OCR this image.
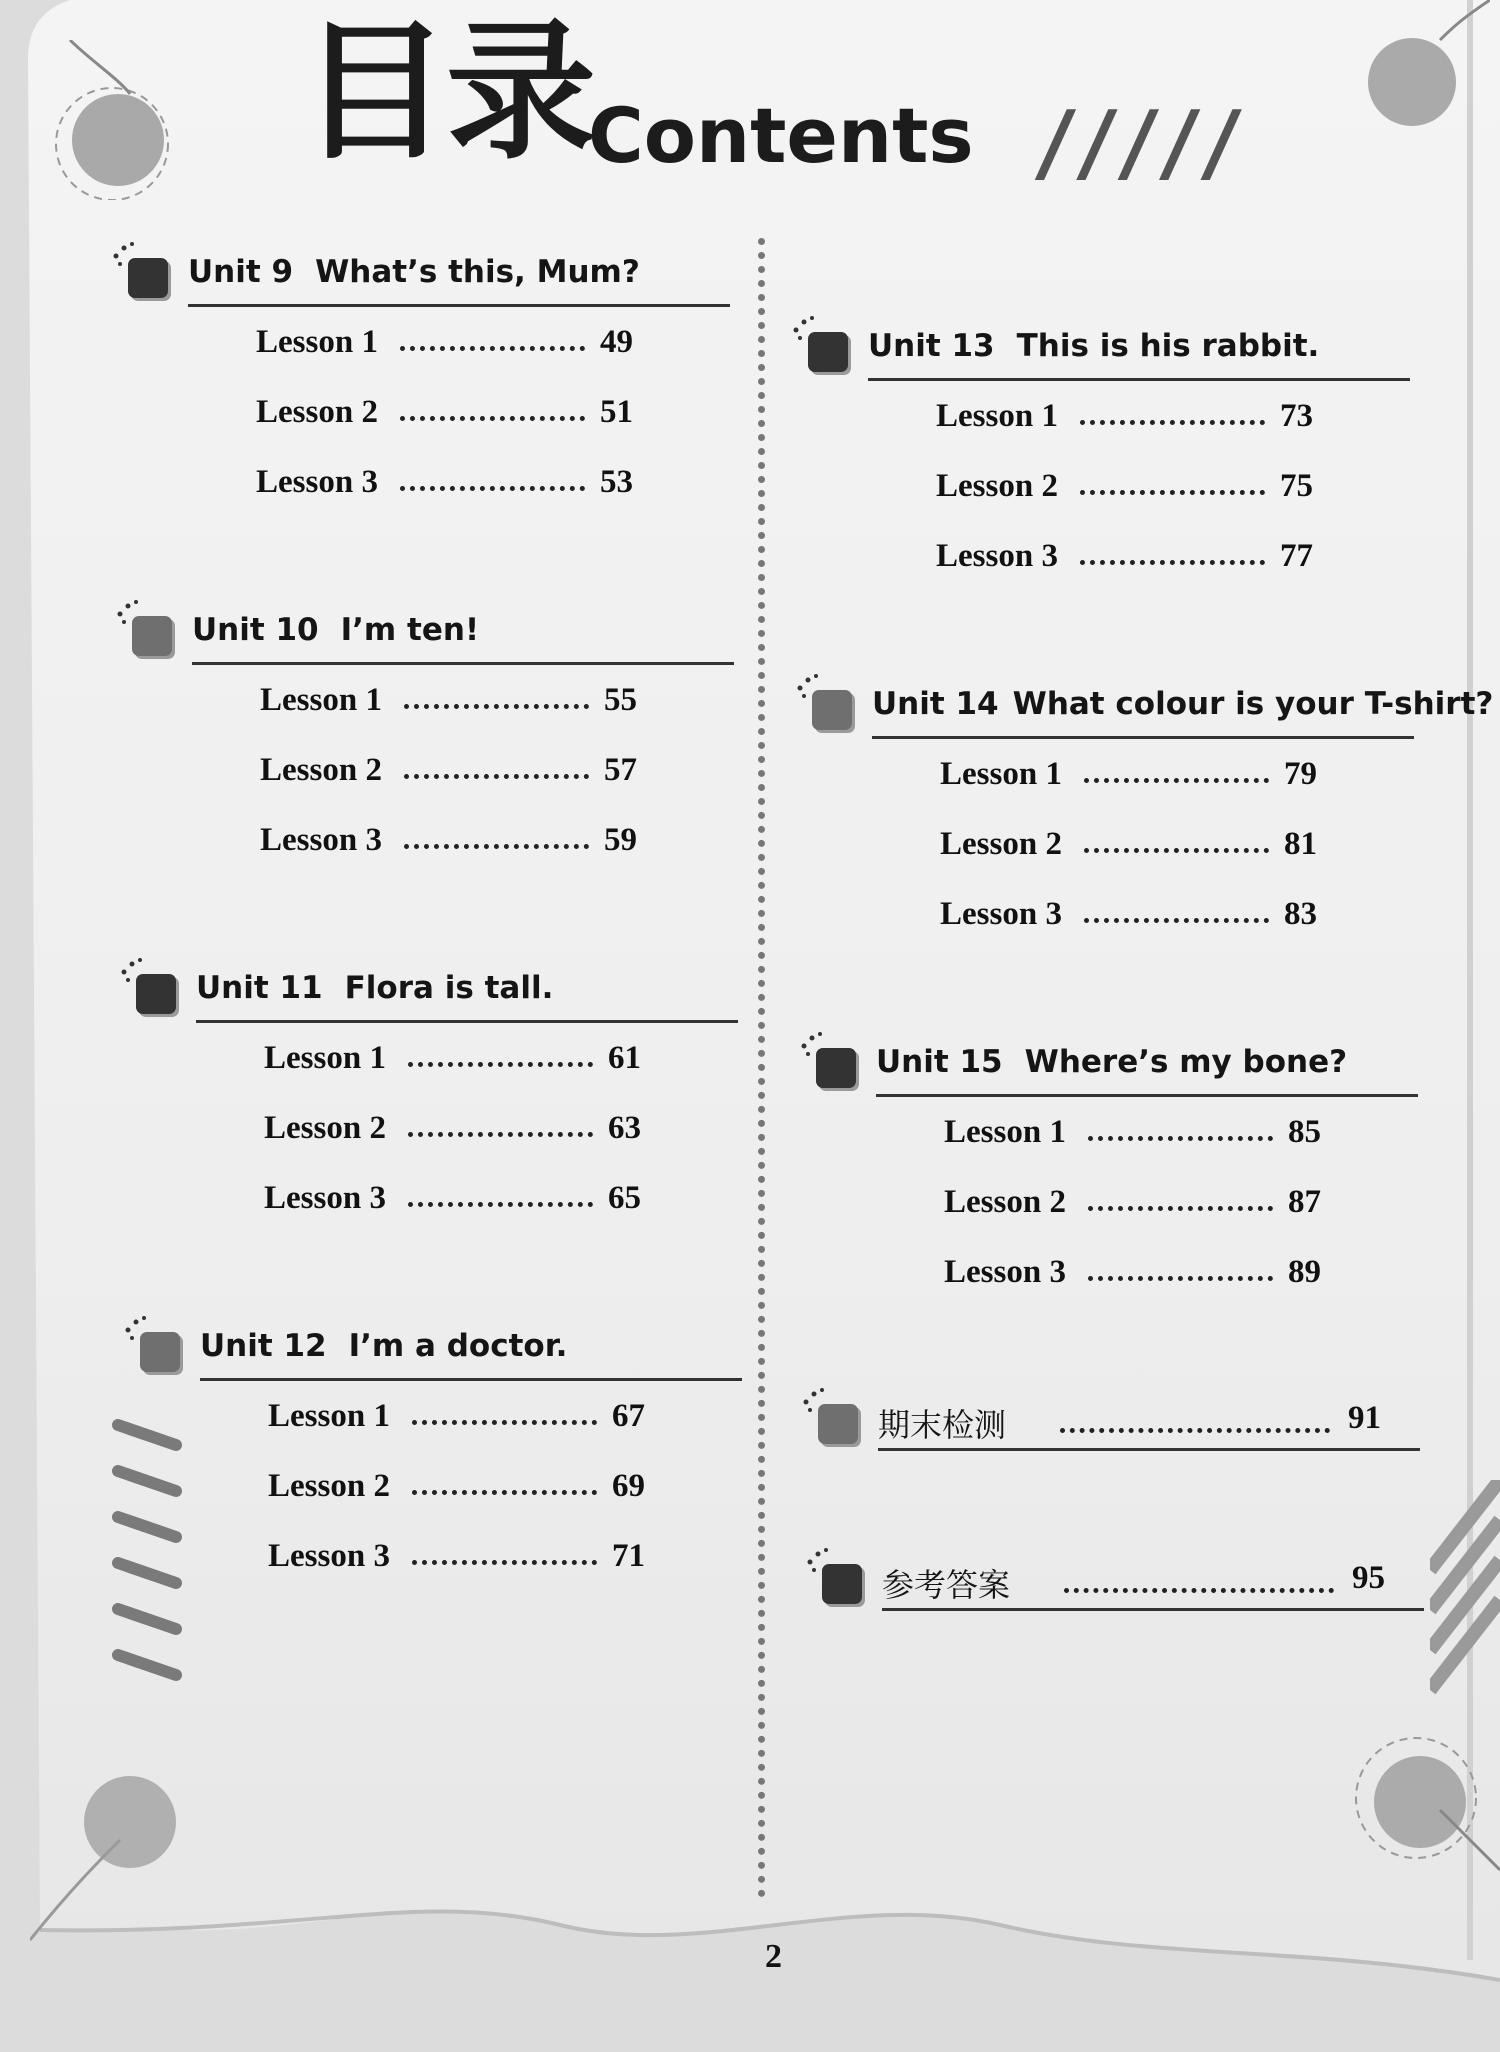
目录
Contents /////
Unit 9 What’s this, Mum?
Lesson 1	49
Lesson 2	51
Lesson 3	53
Unit 10 I’m ten!
Lesson 1	55
Lesson 2	57
Lesson 3	59
Unit 11 Flora is tall.
Lesson 1	61
Lesson 2	63
Lesson 3	65
Unit 12 I’m a doctor.
Lesson 1	67
Lesson 2	69
Lesson 3	71
Unit 13 This is his rabbit.
Lesson 1	73
Lesson 2	75
Lesson 3	77
Unit 14 What colour is your T-shirt?
Lesson 1	79
Lesson 2	81
Lesson 3	83
Unit 15 Where’s my bone?
Lesson 1	85
Lesson 2	87
Lesson 3	89
期末检测	91
参考答案	95
2
